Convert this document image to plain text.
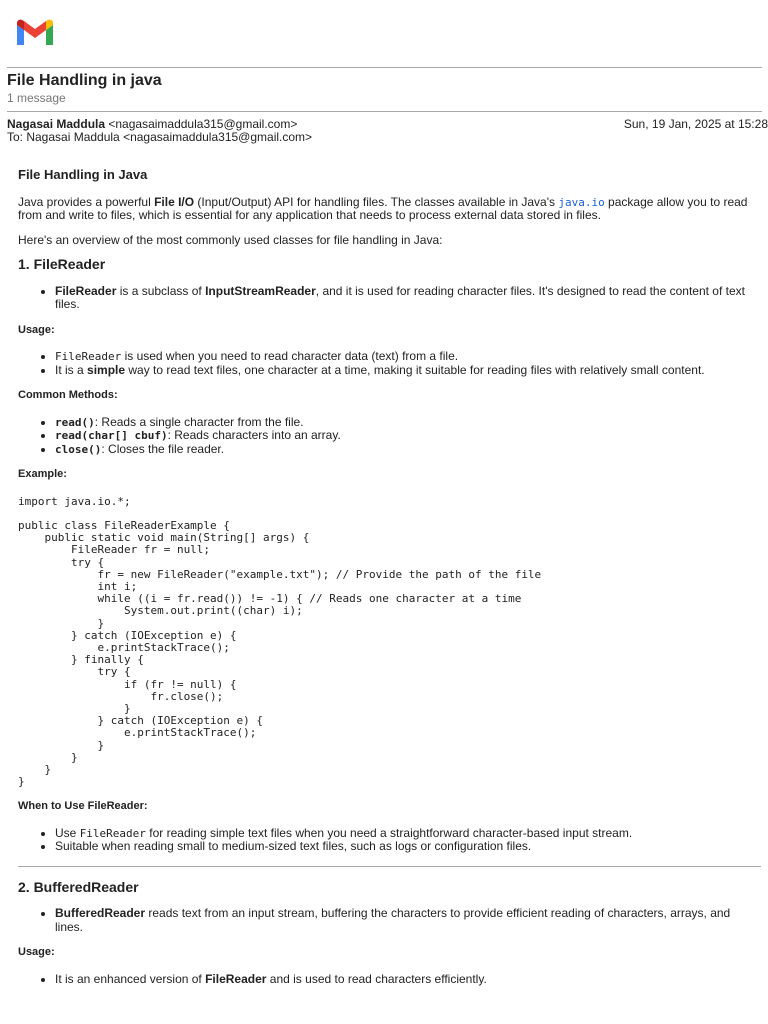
File Handling in java
1 message
Nagasai Maddula <nagasaimaddula315@gmail.com>	Sun, 19 Jan, 2025 at 15:28
To: Nagasai Maddula <nagasaimaddula315@gmail.com>
File Handling in Java

Java provides a powerful File I/O (Input/Output) API for handling files. The classes available in Java's java.io package allow you to read from and write to files, which is essential for any application that needs to process external data stored in files.

Here's an overview of the most commonly used classes for file handling in Java:

1. FileReader
• FileReader is a subclass of InputStreamReader, and it is used for reading character files. It's designed to read the content of text files.
Usage:
• FileReader is used when you need to read character data (text) from a file.
• It is a simple way to read text files, one character at a time, making it suitable for reading files with relatively small content.
Common Methods:
• read(): Reads a single character from the file.
• read(char[] cbuf): Reads characters into an array.
• close(): Closes the file reader.
Example:
import java.io.*;

public class FileReaderExample {
public static void main(String[] args) {
FileReader fr = null;
try {
fr = new FileReader("example.txt"); // Provide the path of the file
int i;
while ((i = fr.read()) != -1) { // Reads one character at a time
System.out.print((char) i);
}
} catch (IOException e) {
e.printStackTrace();
} finally {
try {
if (fr != null) {
fr.close();
}
} catch (IOException e) {
e.printStackTrace();
}
}
}
}
When to Use FileReader:
• Use FileReader for reading simple text files when you need a straightforward character-based input stream.
• Suitable when reading small to medium-sized text files, such as logs or configuration files.
2. BufferedReader
• BufferedReader reads text from an input stream, buffering the characters to provide efficient reading of characters, arrays, and lines.
Usage:
• It is an enhanced version of FileReader and is used to read characters efficiently.
